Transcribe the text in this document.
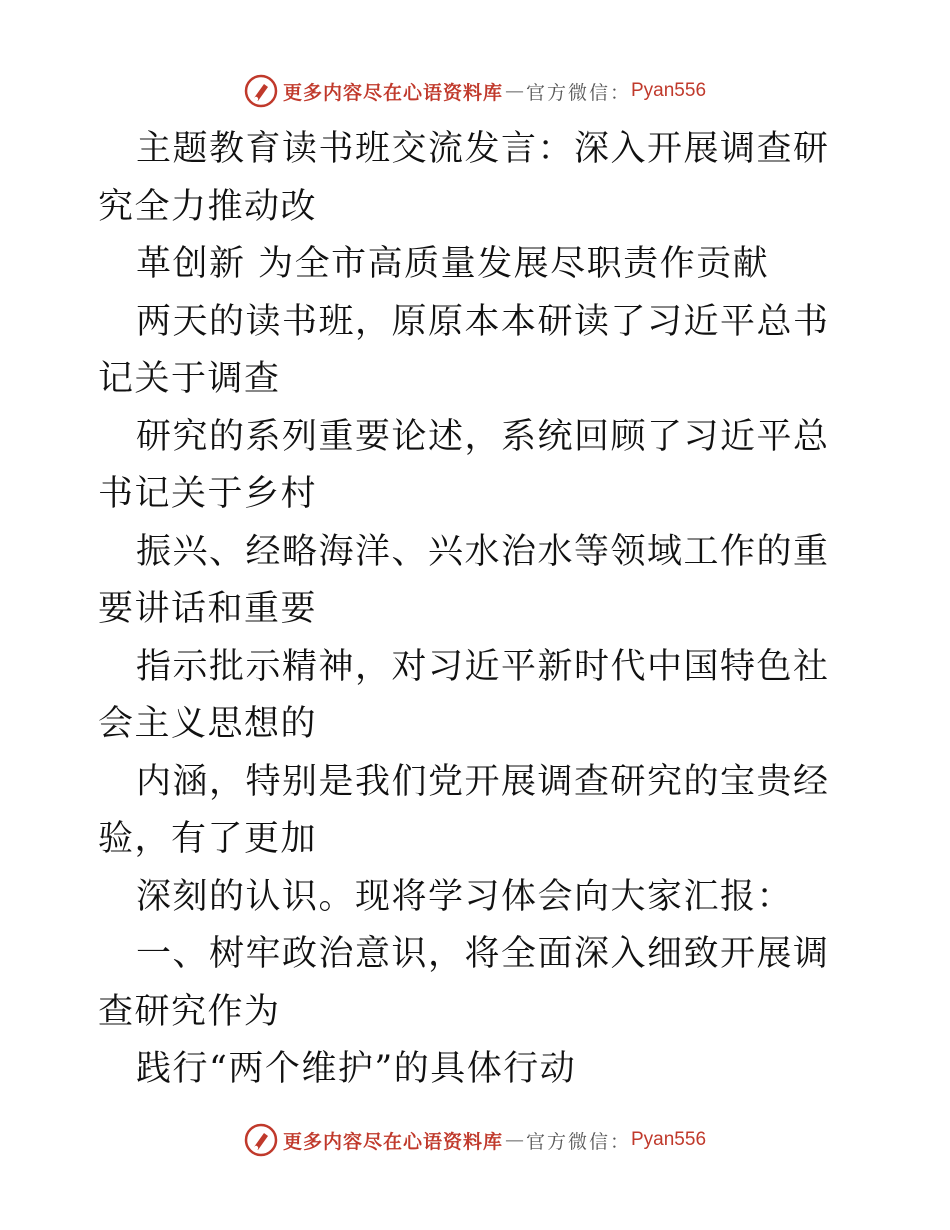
更多内容尽在心语资料库 — 官方微信： Pyan556

主题教育读书班交流发言：深入开展调查研究全力推动改

革创新 为全市高质量发展尽职责作贡献

两天的读书班，原原本本研读了习近平总书记关于调查

研究的系列重要论述，系统回顾了习近平总书记关于乡村

振兴、经略海洋、兴水治水等领域工作的重要讲话和重要

指示批示精神，对习近平新时代中国特色社会主义思想的

内涵，特别是我们党开展调查研究的宝贵经验，有了更加

深刻的认识。现将学习体会向大家汇报：

一、树牢政治意识，将全面深入细致开展调查研究作为

践行“两个维护”的具体行动

更多内容尽在心语资料库 — 官方微信： Pyan556
